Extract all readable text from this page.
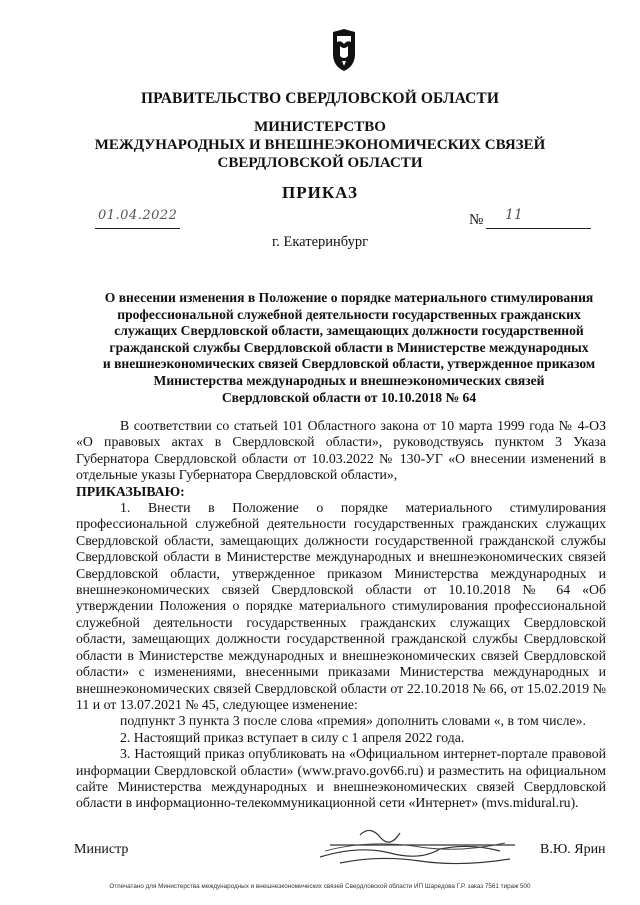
ПРАВИТЕЛЬСТВО СВЕРДЛОВСКОЙ ОБЛАСТИ
МИНИСТЕРСТВО
МЕЖДУНАРОДНЫХ И ВНЕШНЕЭКОНОМИЧЕСКИХ СВЯЗЕЙ
СВЕРДЛОВСКОЙ ОБЛАСТИ
ПРИКАЗ
01.04.2022	№ 11
г. Екатеринбург
О внесении изменения в Положение о порядке материального стимулирования
профессиональной служебной деятельности государственных гражданских
служащих Свердловской области, замещающих должности государственной
гражданской службы Свердловской области в Министерстве международных
и внешнеэкономических связей Свердловской области, утвержденное приказом
Министерства международных и внешнеэкономических связей
Свердловской области от 10.10.2018 № 64

В соответствии со статьей 101 Областного закона от 10 марта 1999 года № 4-ОЗ «О правовых актах в Свердловской области», руководствуясь пунктом 3 Указа Губернатора Свердловской области от 10.03.2022 № 130-УГ «О внесении изменений в отдельные указы Губернатора Свердловской области»,

ПРИКАЗЫВАЮ:

1. Внести в Положение о порядке материального стимулирования профессиональной служебной деятельности государственных гражданских служащих Свердловской области, замещающих должности государственной гражданской службы Свердловской области в Министерстве международных и внешнеэкономических связей Свердловской области, утвержденное приказом Министерства международных и внешнеэкономических связей Свердловской области от 10.10.2018 № 64 «Об утверждении Положения о порядке материального стимулирования профессиональной служебной деятельности государственных гражданских служащих Свердловской области, замещающих должности государственной гражданской службы Свердловской области в Министерстве международных и внешнеэкономических связей Свердловской области» с изменениями, внесенными приказами Министерства международных и внешнеэкономических связей Свердловской области от 22.10.2018 № 66, от 15.02.2019 № 11 и от 13.07.2021 № 45, следующее изменение:

подпункт 3 пункта 3 после слова «премия» дополнить словами «, в том числе».

2. Настоящий приказ вступает в силу с 1 апреля 2022 года.

3. Настоящий приказ опубликовать на «Официальном интернет-портале правовой информации Свердловской области» (www.pravo.gov66.ru) и разместить на официальном сайте Министерства международных и внешнеэкономических связей Свердловской области в информационно-телекоммуникационной сети «Интернет» (mvs.midural.ru).

Министр	В.Ю. Ярин
Отпечатано для Министерства международных и внешнеэкономических связей Свердловской области ИП Шаредова Г.Р. заказ 7561 тираж 500
